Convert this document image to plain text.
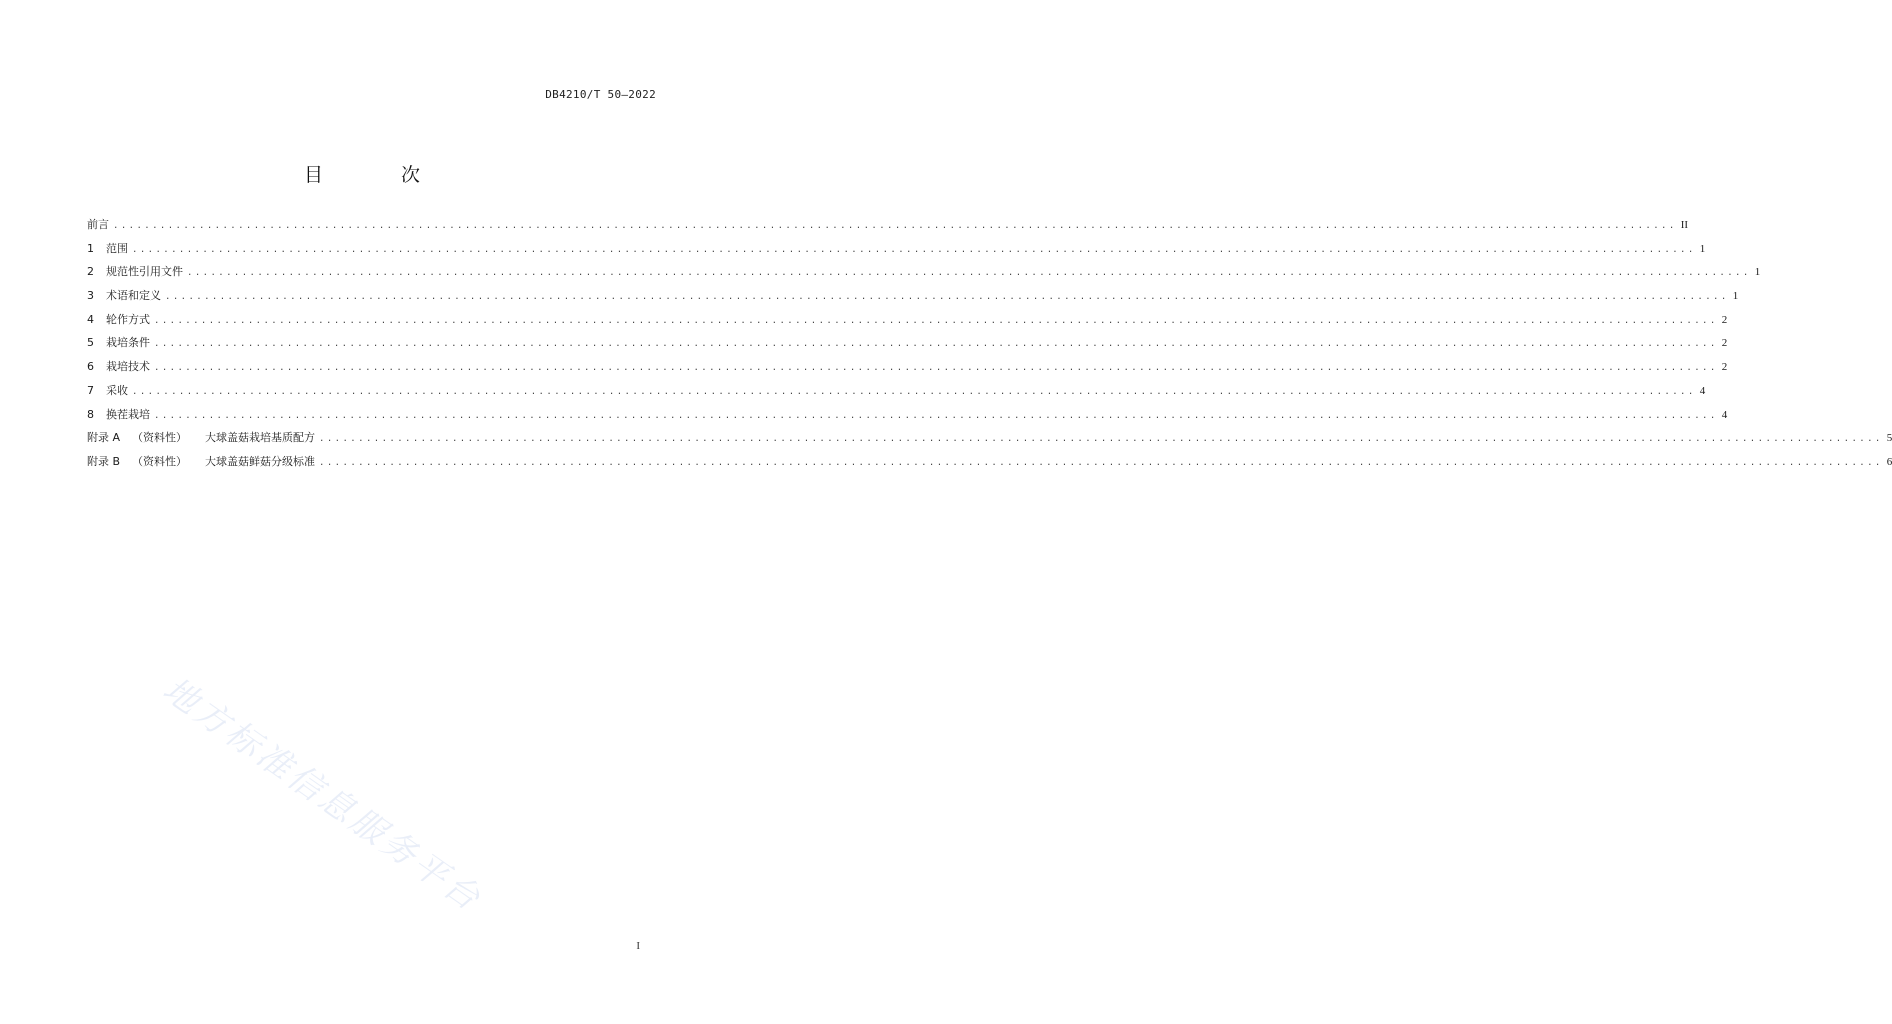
DB4210/T 50—2022
目 次
前言 ........................................................................................................................................................................................................ II
1	范围 ........................................................................................................................................................................................................ 1
2	规范性引用文件 ........................................................................................................................................................................................................ 1
3	术语和定义 ........................................................................................................................................................................................................ 1
4	轮作方式 ........................................................................................................................................................................................................ 2
5	栽培条件 ........................................................................................................................................................................................................ 2
6	栽培技术 ........................................................................................................................................................................................................ 2
7	采收 ........................................................................................................................................................................................................ 4
8	换茬栽培 ........................................................................................................................................................................................................ 4
附录 A （资料性） 大球盖菇栽培基质配方 ........................................................................................................................................................................................................ 5
附录 B （资料性） 大球盖菇鲜菇分级标准 ........................................................................................................................................................................................................ 6
地方标准信息服务平台
I
